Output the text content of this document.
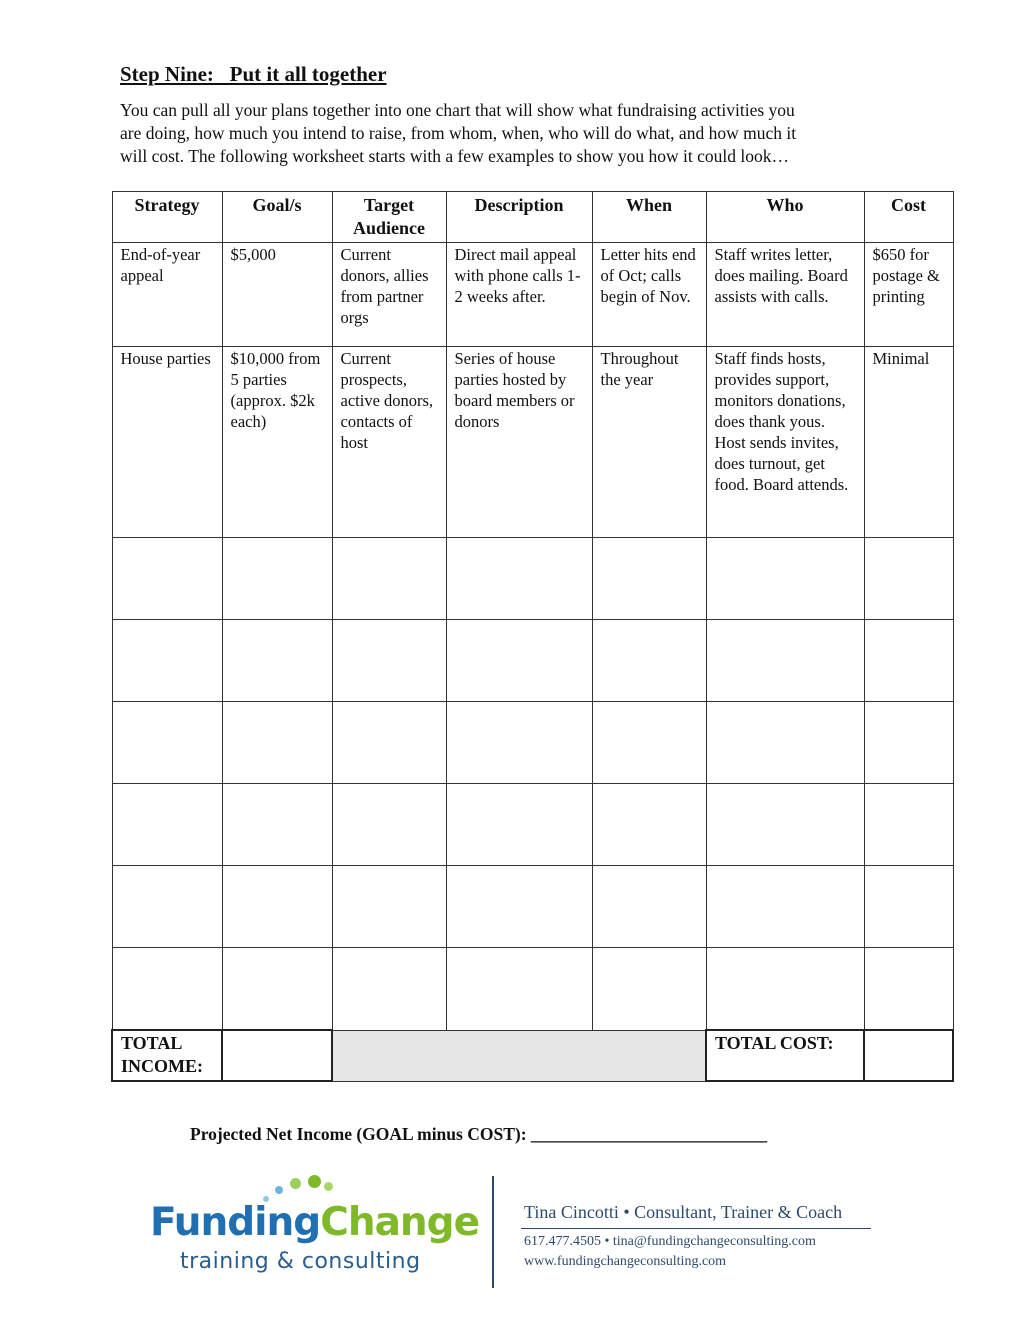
Step Nine:   Put it all together
You can pull all your plans together into one chart that will show what fundraising activities you
are doing, how much you intend to raise, from whom, when, who will do what, and how much it
will cost. The following worksheet starts with a few examples to show you how it could look…
Strategy	Goal/s	Target Audience	Description	When	Who	Cost
End-of-year appeal	$5,000	Current donors, allies from partner orgs	Direct mail appeal with phone calls 1-2 weeks after.	Letter hits end of Oct; calls begin of Nov.	Staff writes letter, does mailing. Board assists with calls.	$650 for postage & printing
House parties	$10,000 from 5 parties (approx. $2k each)	Current prospects, active donors, contacts of host	Series of house parties hosted by board members or donors	Throughout the year	Staff finds hosts, provides support, monitors donations, does thank yous. Host sends invites, does turnout, get food. Board attends.	Minimal

TOTAL INCOME:					TOTAL COST:	
Projected Net Income (GOAL minus COST): ___________________________
FundingChange
training & consulting
Tina Cincotti • Consultant, Trainer & Coach
617.477.4505 • tina@fundingchangeconsulting.com
www.fundingchangeconsulting.com
